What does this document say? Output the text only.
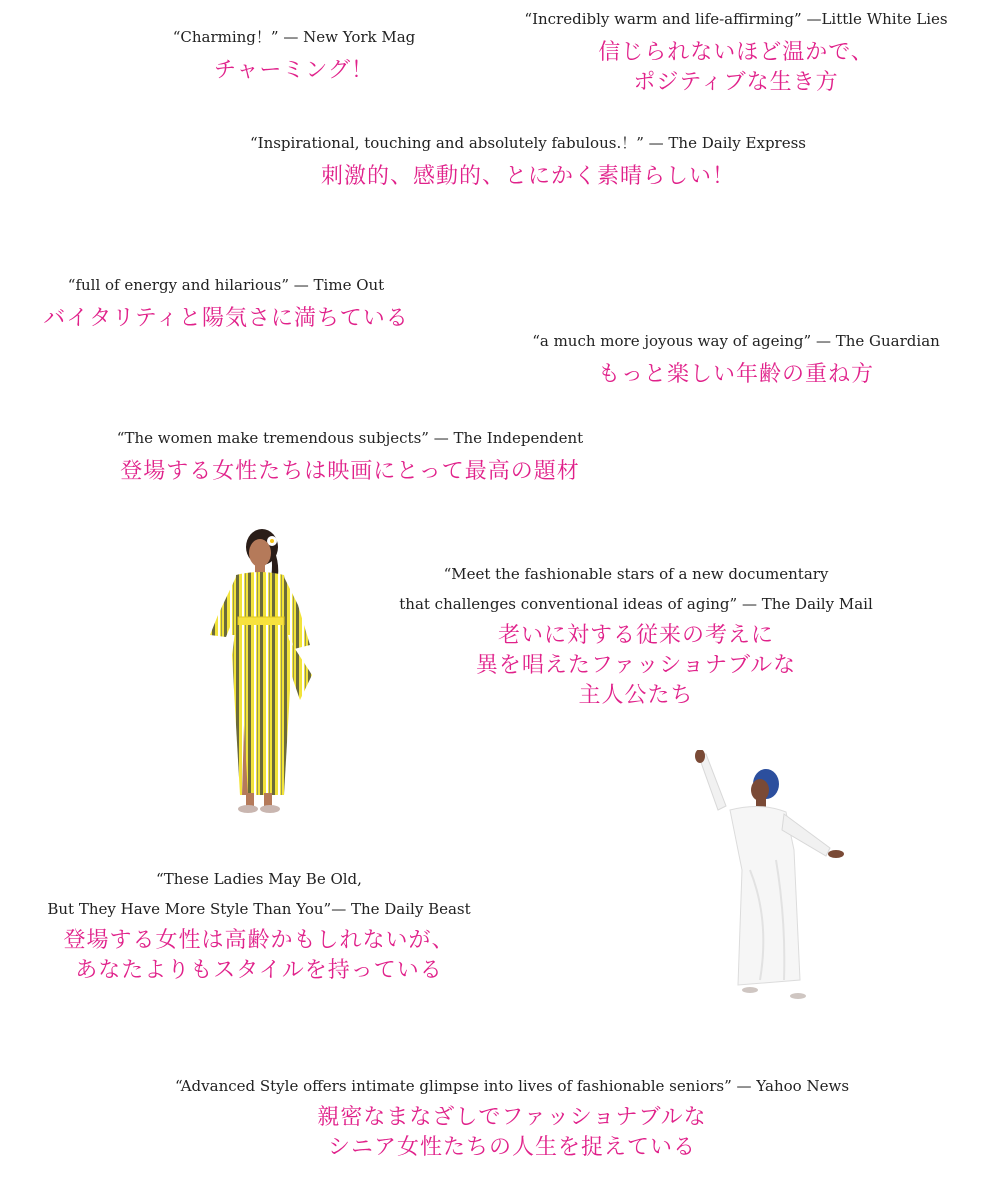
“Charming！” — New York Mag
チャーミング！
“Incredibly warm and life-affirming” —Little White Lies
信じられないほど温かで、
ポジティブな生き方
“Inspirational, touching and absolutely fabulous.！” — The Daily Express
刺激的、感動的、とにかく素晴らしい！
“full of energy and hilarious” — Time Out
バイタリティと陽気さに満ちている
“a much more joyous way of ageing” — The Guardian
もっと楽しい年齢の重ね方
“The women make tremendous subjects” — The Independent
登場する女性たちは映画にとって最高の題材
“Meet the fashionable stars of a new documentary
that challenges conventional ideas of aging” — The Daily Mail
老いに対する従来の考えに
異を唱えたファッショナブルな
主人公たち
“These Ladies May Be Old,
But They Have More Style Than You”— The Daily Beast
登場する女性は高齢かもしれないが、
あなたよりもスタイルを持っている
“Advanced Style offers intimate glimpse into lives of fashionable seniors” — Yahoo News
親密なまなざしでファッショナブルな
シニア女性たちの人生を捉えている
